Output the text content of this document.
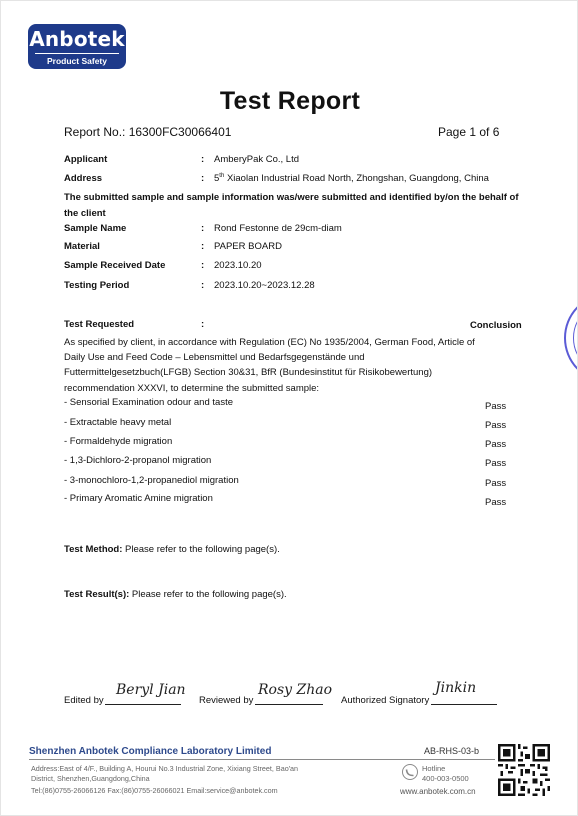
Anbotek
Product Safety
Test Report
Report No.: 16300FC30066401	Page 1 of 6
Applicant	: AmberyPak Co., Ltd
Address	: 5th Xiaolan Industrial Road North, Zhongshan, Guangdong, China
The submitted sample and sample information was/were submitted and identified by/on the behalf of the client
Sample Name	: Rond Festonne de 29cm-diam
Material	: PAPER BOARD
Sample Received Date	: 2023.10.20
Testing Period	: 2023.10.20~2023.12.28
Test Requested	:	Conclusion
As specified by client, in accordance with Regulation (EC) No 1935/2004, German Food, Article of Daily Use and Feed Code – Lebensmittel und Bedarfsgegenstände und Futtermittelgesetzbuch(LFGB) Section 30&31, BfR (Bundesinstitut für Risikobewertung) recommendation XXXVI, to determine the submitted sample:
- Sensorial Examination odour and taste	Pass
- Extractable heavy metal	Pass
- Formaldehyde migration	Pass
- 1,3-Dichloro-2-propanol migration	Pass
- 3-monochloro-1,2-propanediol migration	Pass
- Primary Aromatic Amine migration	Pass
Test Method: Please refer to the following page(s).
Test Result(s): Please refer to the following page(s).
Edited by
Beryl Jian
Reviewed by
Rosy Zhao
Authorized Signatory
Jinkin
Shenzhen Anbotek Compliance Laboratory Limited	AB-RHS-03-b
Address:East of 4/F., Building A, Hourui No.3 Industrial Zone, Xixiang Street, Bao'an
District, Shenzhen,Guangdong,China
Tel:(86)0755-26066126 Fax:(86)0755-26066021 Email:service@anbotek.com
Hotline
400-003-0500
www.anbotek.com.cn
